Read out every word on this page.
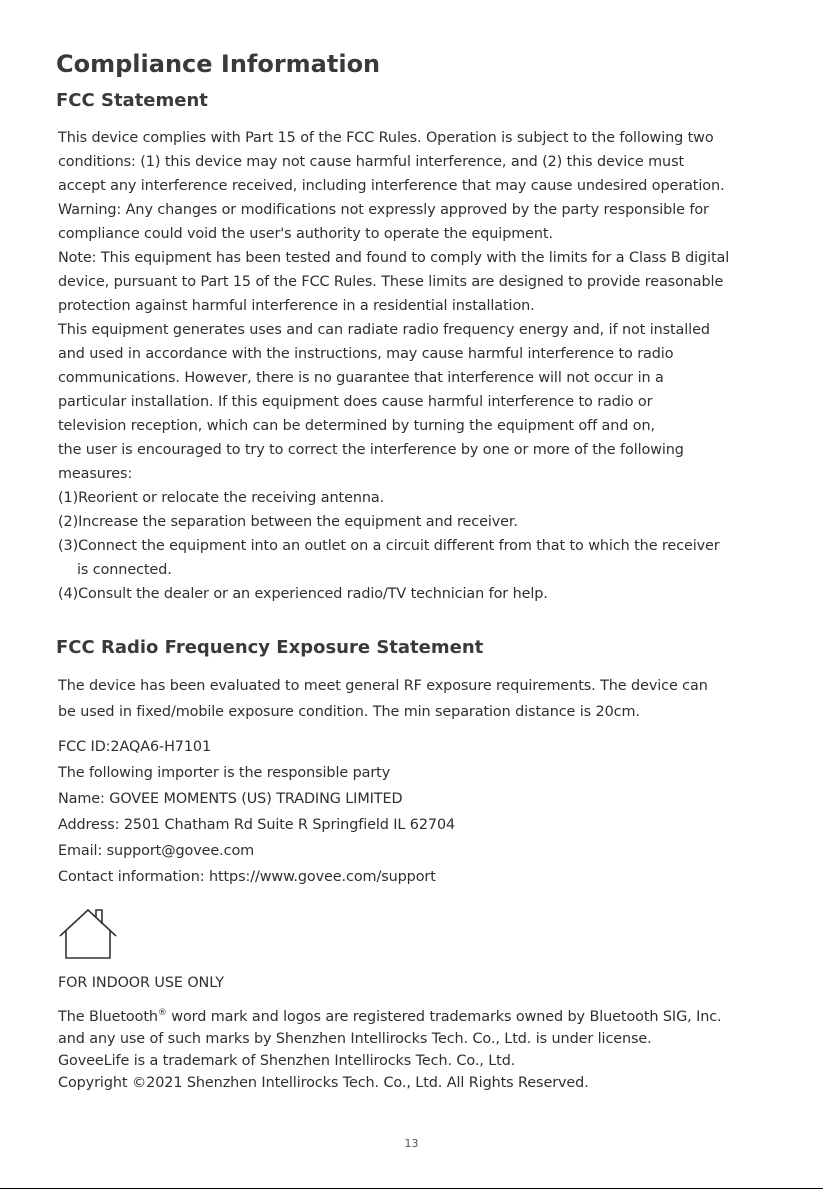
Compliance Information
FCC Statement
This device complies with Part 15 of the FCC Rules. Operation is subject to the following two
conditions: (1) this device may not cause harmful interference, and (2) this device must
accept any interference received, including interference that may cause undesired operation.
Warning: Any changes or modifications not expressly approved by the party responsible for
compliance could void the user's authority to operate the equipment.
Note: This equipment has been tested and found to comply with the limits for a Class B digital
device, pursuant to Part 15 of the FCC Rules. These limits are designed to provide reasonable
protection against harmful interference in a residential installation.
This equipment generates uses and can radiate radio frequency energy and, if not installed
and used in accordance with the instructions, may cause harmful interference to radio
communications. However, there is no guarantee that interference will not occur in a
particular installation. If this equipment does cause harmful interference to radio or
television reception, which can be determined by turning the equipment off and on,
the user is encouraged to try to correct the interference by one or more of the following
measures:
(1)Reorient or relocate the receiving antenna.
(2)Increase the separation between the equipment and receiver.
(3)Connect the equipment into an outlet on a circuit different from that to which the receiver
is connected.
(4)Consult the dealer or an experienced radio/TV technician for help.
FCC Radio Frequency Exposure Statement
The device has been evaluated to meet general RF exposure requirements. The device can
be used in fixed/mobile exposure condition. The min separation distance is 20cm.
FCC ID:2AQA6-H7101
The following importer is the responsible party
Name: GOVEE MOMENTS (US) TRADING LIMITED
Address: 2501 Chatham Rd Suite R Springfield IL 62704
Email: support@govee.com
Contact information: https://www.govee.com/support
FOR INDOOR USE ONLY
The Bluetooth® word mark and logos are registered trademarks owned by Bluetooth SIG, Inc.
and any use of such marks by Shenzhen Intellirocks Tech. Co., Ltd. is under license.
GoveeLife is a trademark of Shenzhen Intellirocks Tech. Co., Ltd.
Copyright ©2021 Shenzhen Intellirocks Tech. Co., Ltd. All Rights Reserved.
13
